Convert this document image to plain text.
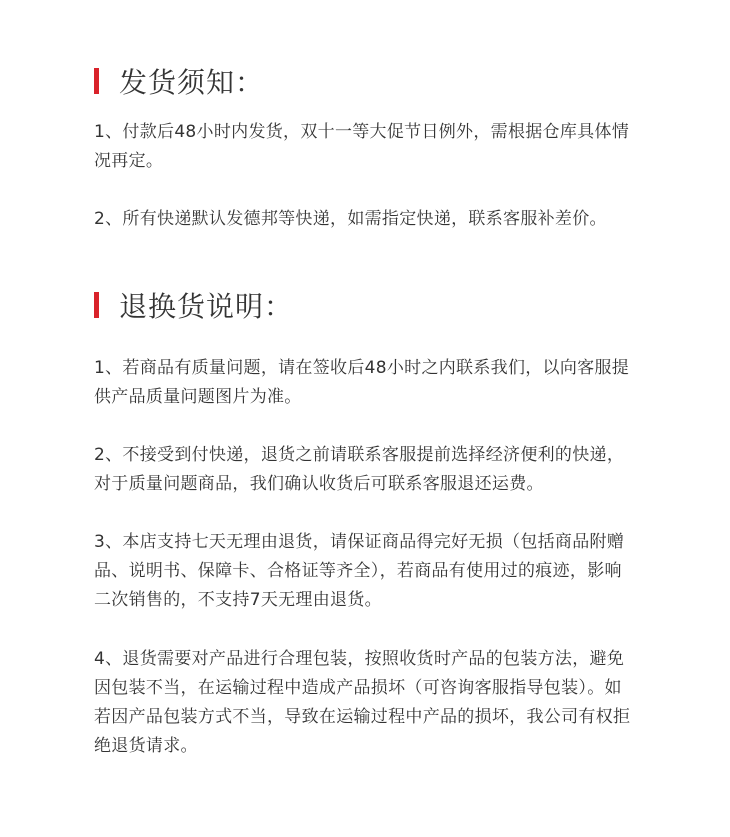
发货须知：

1、付款后48小时内发货，双十一等大促节日例外，需根据仓库具体情况再定。

2、所有快递默认发德邦等快递，如需指定快递，联系客服补差价。

退换货说明：

1、若商品有质量问题，请在签收后48小时之内联系我们，以向客服提供产品质量问题图片为准。

2、不接受到付快递，退货之前请联系客服提前选择经济便利的快递，对于质量问题商品，我们确认收货后可联系客服退还运费。

3、本店支持七天无理由退货，请保证商品得完好无损（包括商品附赠品、说明书、保障卡、合格证等齐全），若商品有使用过的痕迹，影响二次销售的，不支持7天无理由退货。

4、退货需要对产品进行合理包装，按照收货时产品的包装方法，避免因包装不当，在运输过程中造成产品损坏（可咨询客服指导包装）。如若因产品包装方式不当，导致在运输过程中产品的损坏，我公司有权拒绝退货请求。
